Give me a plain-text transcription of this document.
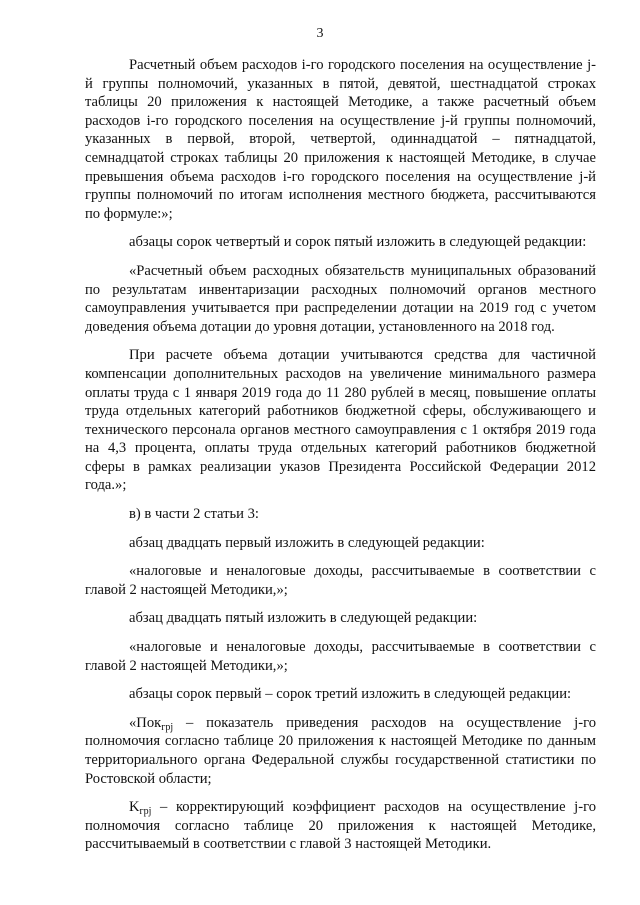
3

Расчетный объем расходов i-го городского поселения на осуществление j-й группы полномочий, указанных в пятой, девятой, шестнадцатой строках таблицы 20 приложения к настоящей Методике, а также расчетный объем расходов i-го городского поселения на осуществление j-й группы полномочий, указанных в первой, второй, четвертой, одиннадцатой – пятнадцатой, семнадцатой строках таблицы 20 приложения к настоящей Методике, в случае превышения объема расходов i-го городского поселения на осуществление j-й группы полномочий по итогам исполнения местного бюджета, рассчитываются по формуле:»;

абзацы сорок четвертый и сорок пятый изложить в следующей редакции:

«Расчетный объем расходных обязательств муниципальных образований по результатам инвентаризации расходных полномочий органов местного самоуправления учитывается при распределении дотации на 2019 год с учетом доведения объема дотации до уровня дотации, установленного на 2018 год.

При расчете объема дотации учитываются средства для частичной компенсации дополнительных расходов на увеличение минимального размера оплаты труда с 1 января 2019 года до 11 280 рублей в месяц, повышение оплаты труда отдельных категорий работников бюджетной сферы, обслуживающего и технического персонала органов местного самоуправления с 1 октября 2019 года на 4,3 процента, оплаты труда отдельных категорий работников бюджетной сферы в рамках реализации указов Президента Российской Федерации 2012 года.»;

в) в части 2 статьи 3:

абзац двадцать первый изложить в следующей редакции:

«налоговые и неналоговые доходы, рассчитываемые в соответствии с главой 2 настоящей Методики,»;

абзац двадцать пятый изложить в следующей редакции:

«налоговые и неналоговые доходы, рассчитываемые в соответствии с главой 2 настоящей Методики,»;

абзацы сорок первый – сорок третий изложить в следующей редакции:

«Пок$_{гpj}$ – показатель приведения расходов на осуществление j-го полномочия согласно таблице 20 приложения к настоящей Методике по данным территориального органа Федеральной службы государственной статистики по Ростовской области;

$K_{гpj}$ – корректирующий коэффициент расходов на осуществление j-го полномочия согласно таблице 20 приложения к настоящей Методике, рассчитываемый в соответствии с главой 3 настоящей Методики.
